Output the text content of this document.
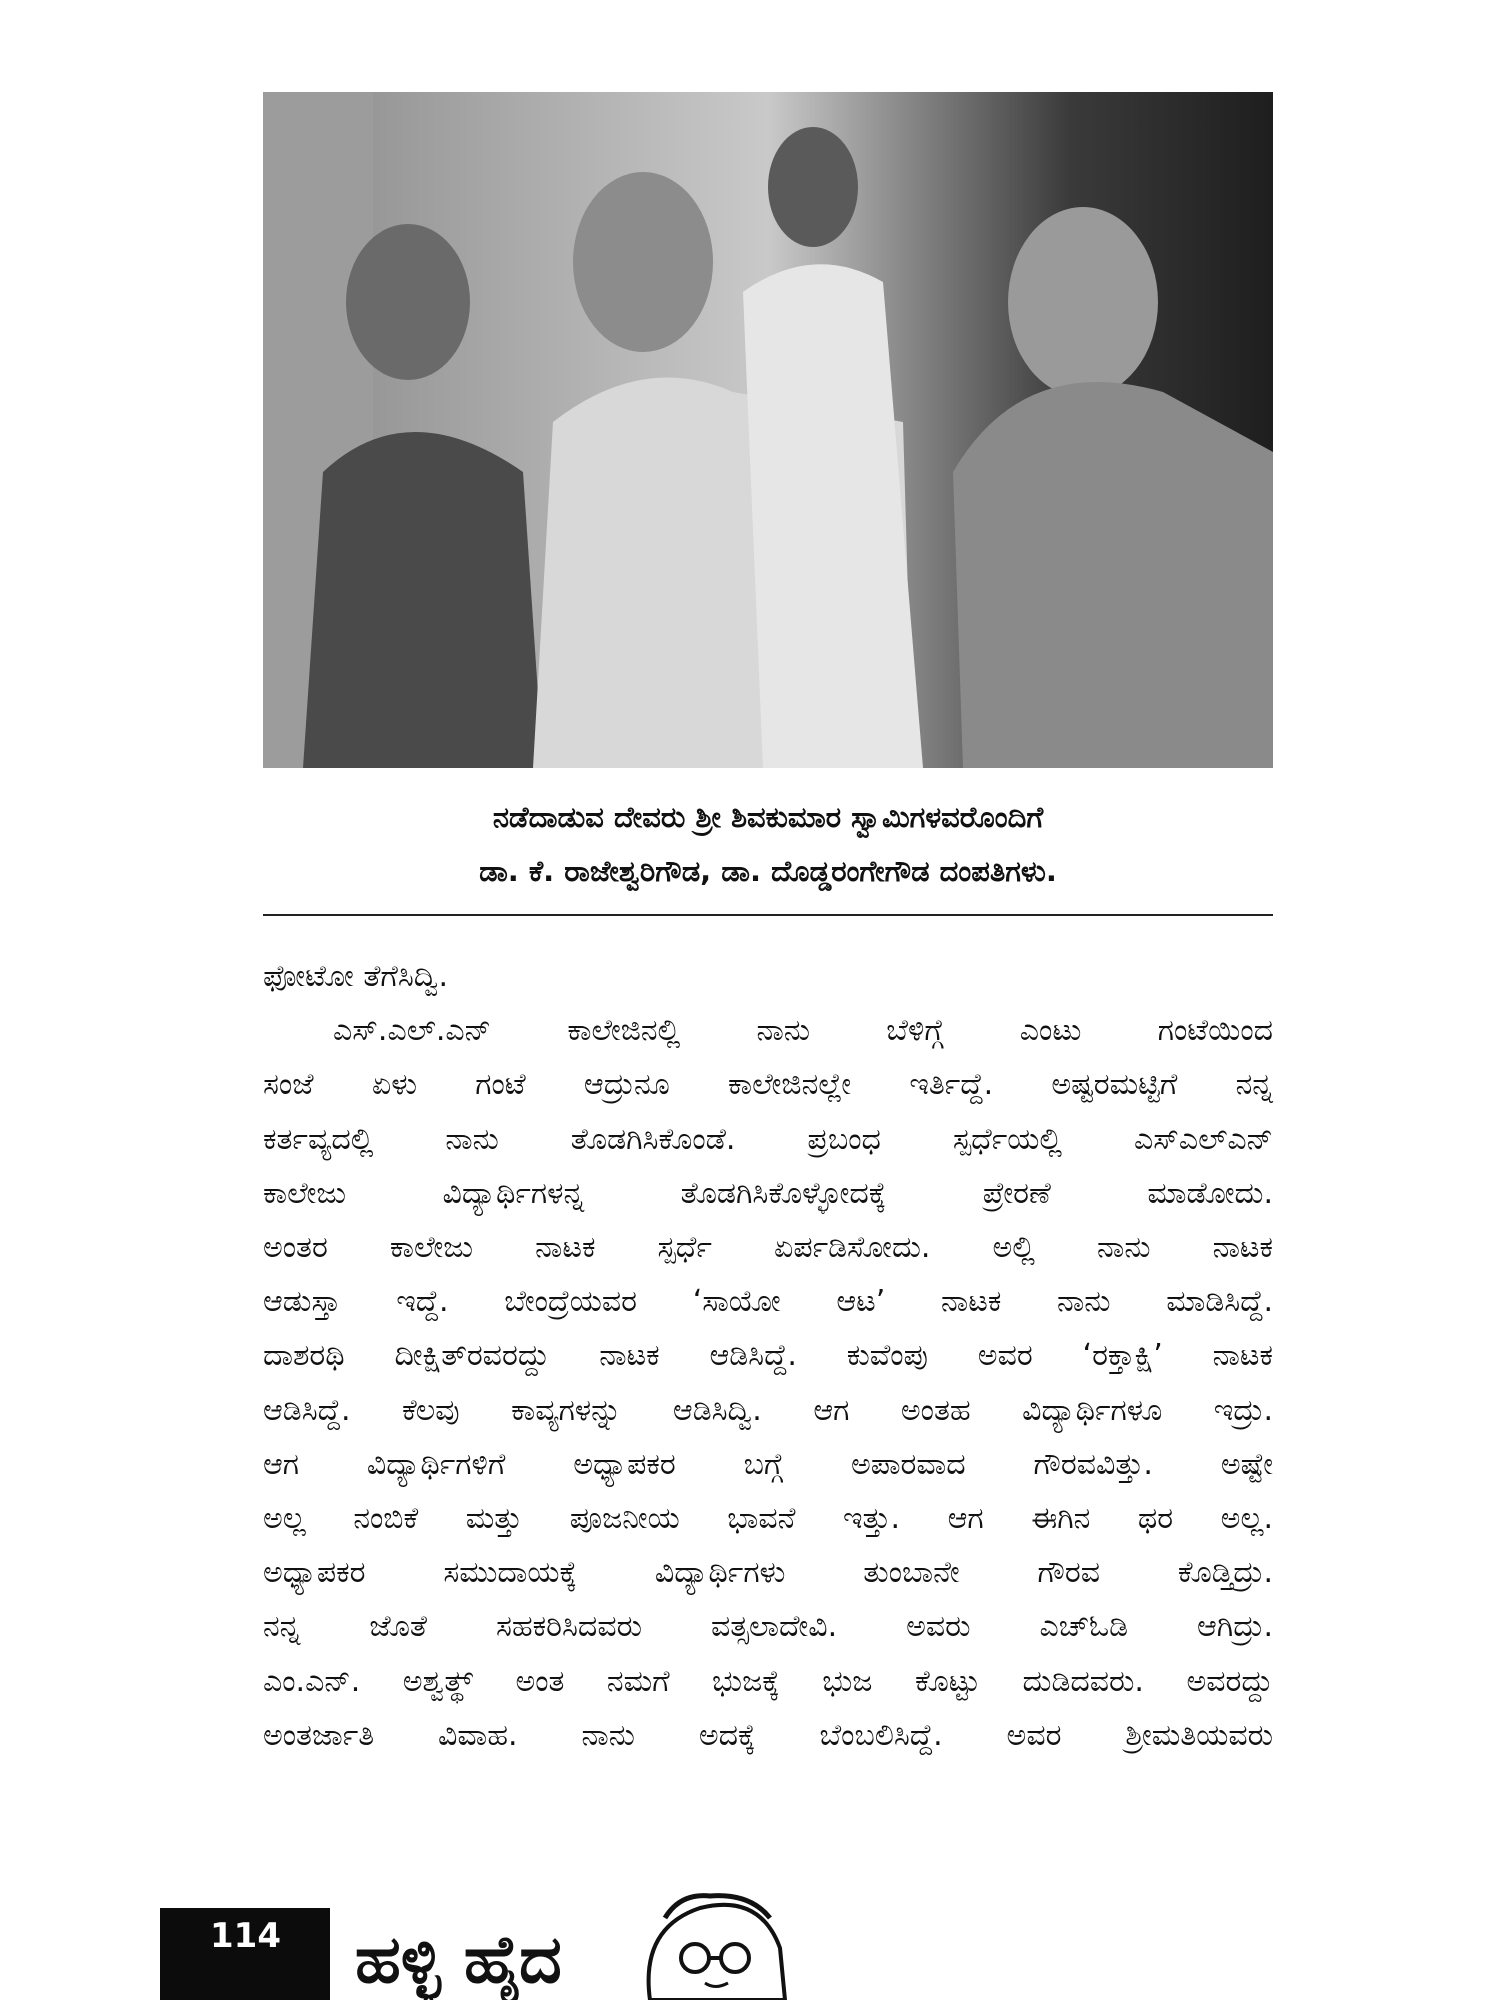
ನಡೆದಾಡುವ ದೇವರು ಶ್ರೀ ಶಿವಕುಮಾರ ಸ್ವಾಮಿಗಳವರೊಂದಿಗೆ
ಡಾ. ಕೆ. ರಾಜೇಶ್ವರಿಗೌಡ, ಡಾ. ದೊಡ್ಡರಂಗೇಗೌಡ ದಂಪತಿಗಳು.
ಫೋಟೋ ತೆಗೆಸಿದ್ವಿ.
ಎಸ್.ಎಲ್.ಎನ್ ಕಾಲೇಜಿನಲ್ಲಿ ನಾನು ಬೆಳಿಗ್ಗೆ ಎಂಟು ಗಂಟೆಯಿಂದ
ಸಂಜೆ ಏಳು ಗಂಟೆ ಆದ್ರುನೂ ಕಾಲೇಜಿನಲ್ಲೇ ಇರ್ತಿದ್ದೆ. ಅಷ್ಟರಮಟ್ಟಿಗೆ ನನ್ನ
ಕರ್ತವ್ಯದಲ್ಲಿ ನಾನು ತೊಡಗಿಸಿಕೊಂಡೆ. ಪ್ರಬಂಧ ಸ್ಪರ್ಧೆಯಲ್ಲಿ ಎಸ್‌ಎಲ್‌ಎನ್
ಕಾಲೇಜು ವಿದ್ಯಾರ್ಥಿಗಳನ್ನ ತೊಡಗಿಸಿಕೊಳ್ಳೋದಕ್ಕೆ ಪ್ರೇರಣೆ ಮಾಡೋದು.
ಅಂತರ ಕಾಲೇಜು ನಾಟಕ ಸ್ಪರ್ಧೆ ಏರ್ಪಡಿಸೋದು. ಅಲ್ಲಿ ನಾನು ನಾಟಕ
ಆಡುಸ್ತಾ ಇದ್ದೆ. ಬೇಂದ್ರೆಯವರ ‘ಸಾಯೋ ಆಟ’ ನಾಟಕ ನಾನು ಮಾಡಿಸಿದ್ದೆ.
ದಾಶರಥಿ ದೀಕ್ಷಿತ್‌ರವರದ್ದು ನಾಟಕ ಆಡಿಸಿದ್ದೆ. ಕುವೆಂಪು ಅವರ ‘ರಕ್ತಾಕ್ಷಿ’ ನಾಟಕ
ಆಡಿಸಿದ್ದೆ. ಕೆಲವು ಕಾವ್ಯಗಳನ್ನು ಆಡಿಸಿದ್ವಿ. ಆಗ ಅಂತಹ ವಿದ್ಯಾರ್ಥಿಗಳೂ ಇದ್ರು.
ಆಗ ವಿದ್ಯಾರ್ಥಿಗಳಿಗೆ ಅಧ್ಯಾಪಕರ ಬಗ್ಗೆ ಅಪಾರವಾದ ಗೌರವವಿತ್ತು. ಅಷ್ಟೇ
ಅಲ್ಲ ನಂಬಿಕೆ ಮತ್ತು ಪೂಜನೀಯ ಭಾವನೆ ಇತ್ತು. ಆಗ ಈಗಿನ ಥರ ಅಲ್ಲ.
ಅಧ್ಯಾಪಕರ ಸಮುದಾಯಕ್ಕೆ ವಿದ್ಯಾರ್ಥಿಗಳು ತುಂಬಾನೇ ಗೌರವ ಕೊಡ್ತಿದ್ರು.
ನನ್ನ ಜೊತೆ ಸಹಕರಿಸಿದವರು ವತ್ಸಲಾದೇವಿ. ಅವರು ಎಚ್‌ಓಡಿ ಆಗಿದ್ರು.
ಎಂ.ಎನ್. ಅಶ್ವತ್ಥ್ ಅಂತ ನಮಗೆ ಭುಜಕ್ಕೆ ಭುಜ ಕೊಟ್ಟು ದುಡಿದವರು. ಅವರದ್ದು
ಅಂತರ್ಜಾತಿ ವಿವಾಹ. ನಾನು ಅದಕ್ಕೆ ಬೆಂಬಲಿಸಿದ್ದೆ. ಅವರ ಶ್ರೀಮತಿಯವರು
114 ಹಳ್ಳಿ ಹೈದ
